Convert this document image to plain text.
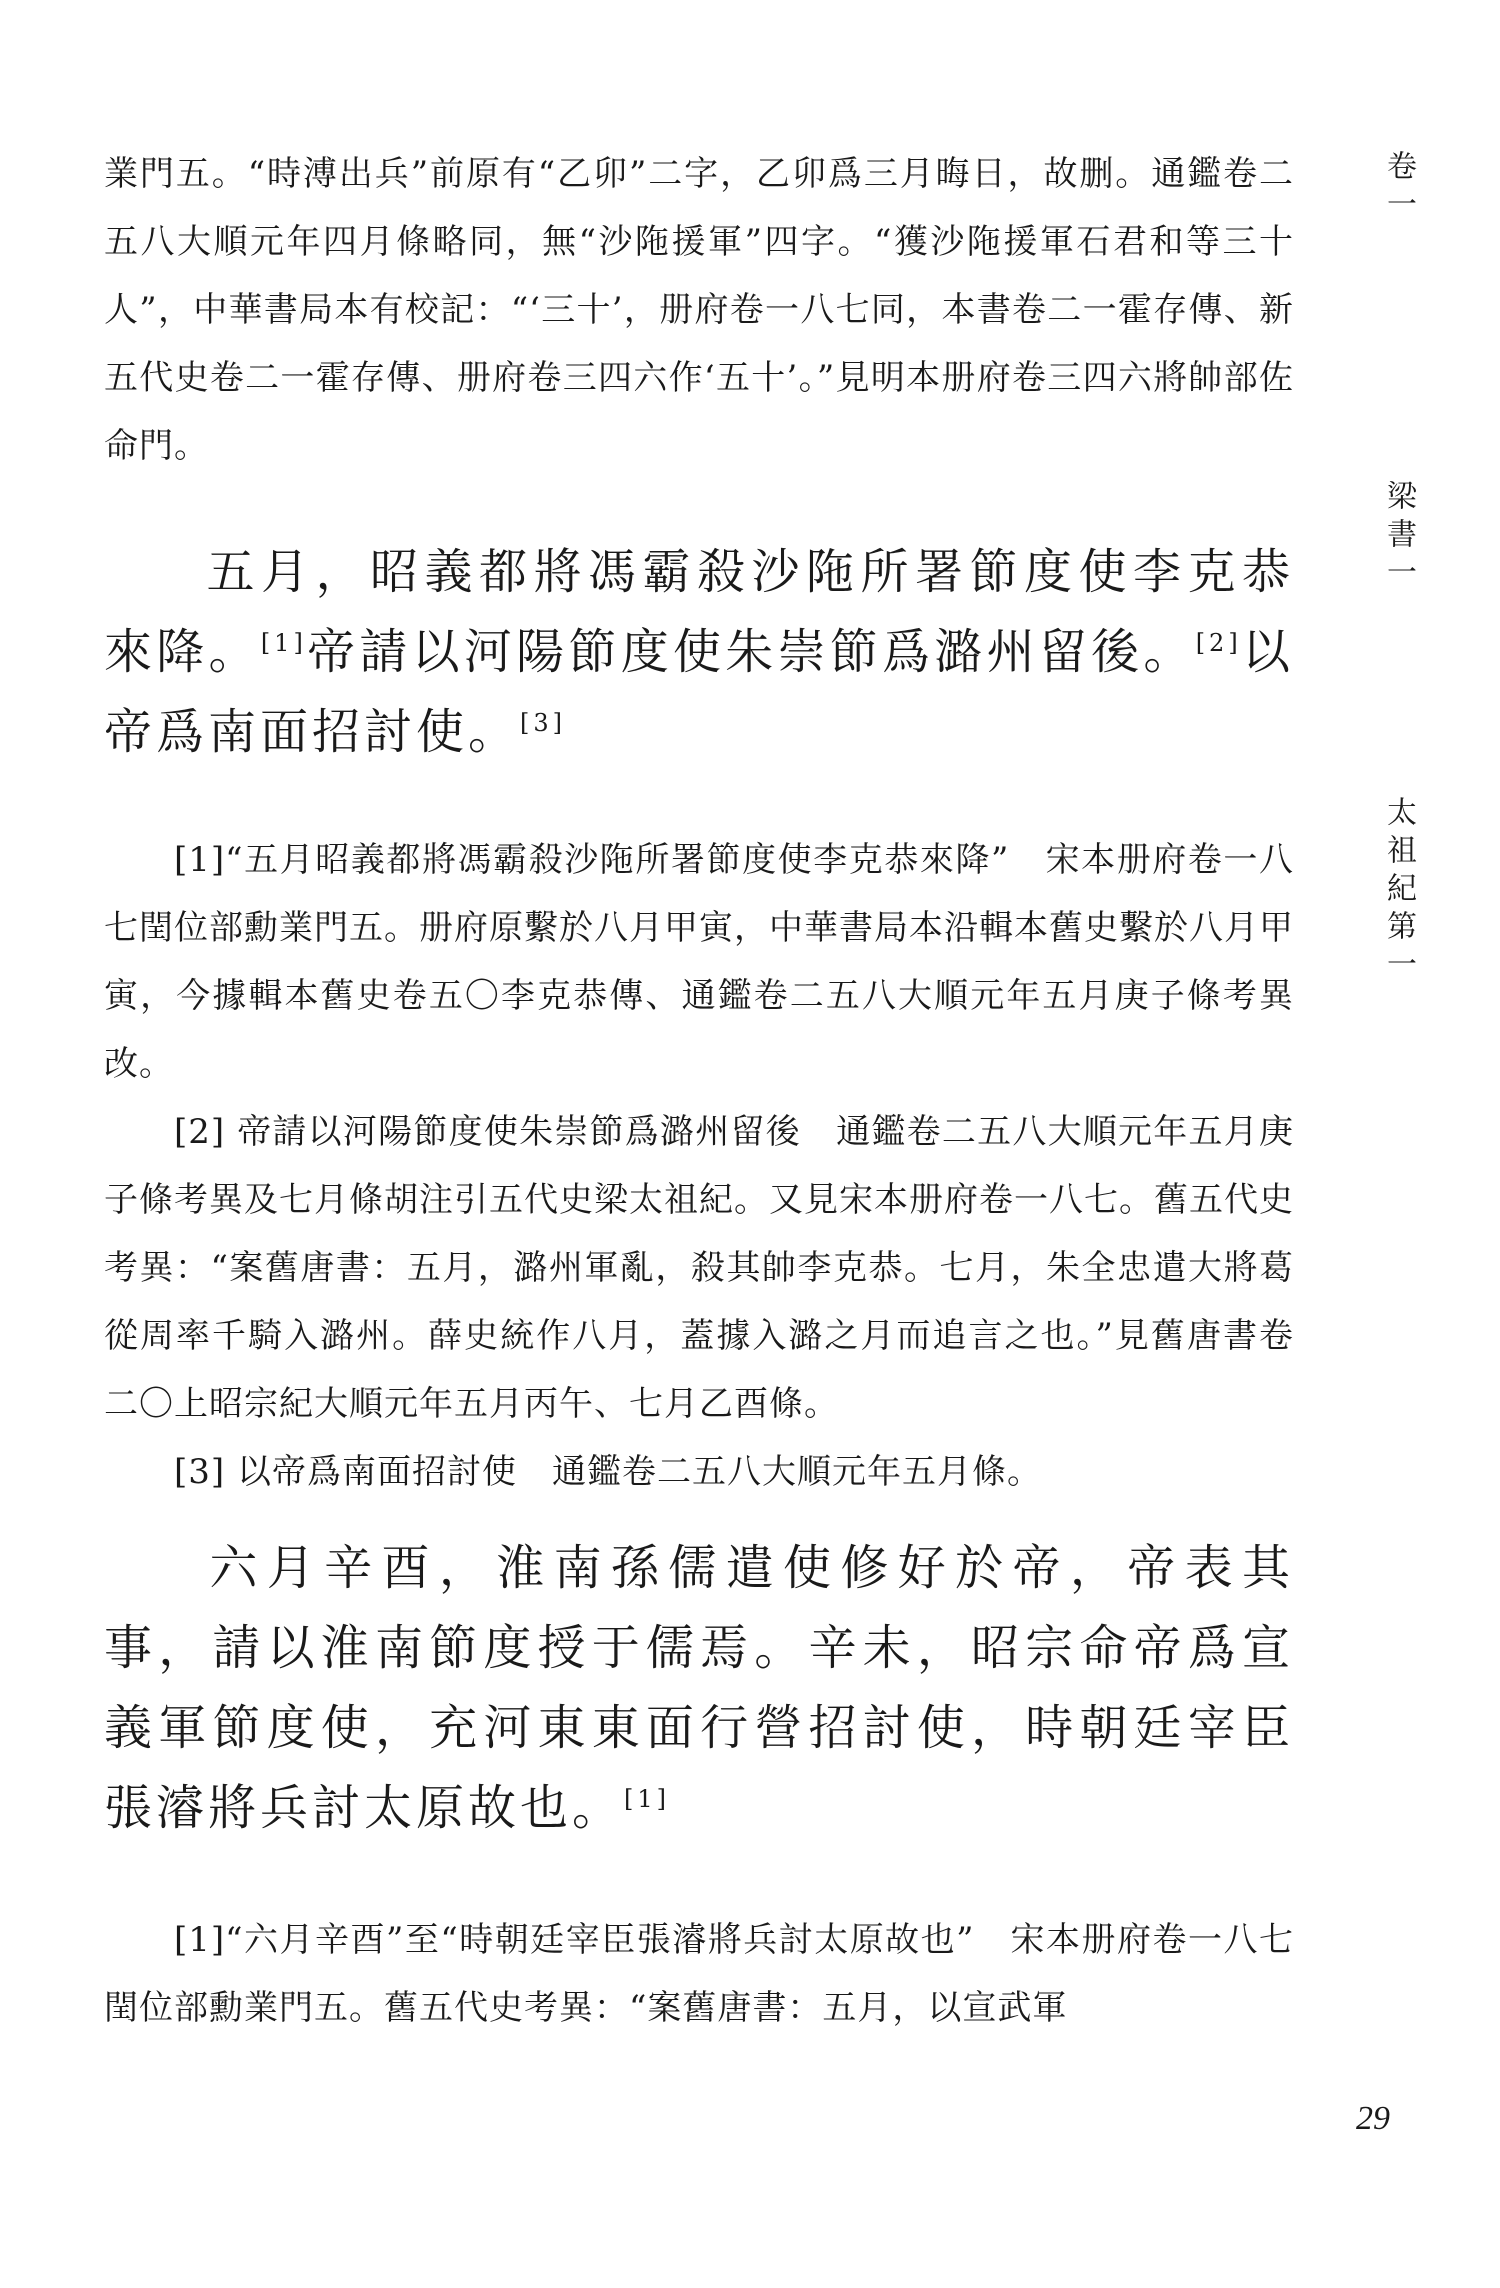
業門五。“時溥出兵”前原有“乙卯”二字，乙卯爲三月晦日，故删。通鑑卷二五八大順元年四月條略同，無“沙陁援軍”四字。“獲沙陁援軍石君和等三十人”，中華書局本有校記：“‘三十’，册府卷一八七同，本書卷二一霍存傳、新五代史卷二一霍存傳、册府卷三四六作‘五十’。”見明本册府卷三四六將帥部佐命門。

五月，昭義都將馮霸殺沙陁所署節度使李克恭來降。[1]帝請以河陽節度使朱崇節爲潞州留後。[2]以帝爲南面招討使。[3]

[1]“五月昭義都將馮霸殺沙陁所署節度使李克恭來降”　宋本册府卷一八七閏位部勳業門五。册府原繫於八月甲寅，中華書局本沿輯本舊史繫於八月甲寅，今據輯本舊史卷五〇李克恭傳、通鑑卷二五八大順元年五月庚子條考異改。

[2] 帝請以河陽節度使朱崇節爲潞州留後　通鑑卷二五八大順元年五月庚子條考異及七月條胡注引五代史梁太祖紀。又見宋本册府卷一八七。舊五代史考異：“案舊唐書：五月，潞州軍亂，殺其帥李克恭。七月，朱全忠遣大將葛從周率千騎入潞州。薛史統作八月，蓋據入潞之月而追言之也。”見舊唐書卷二〇上昭宗紀大順元年五月丙午、七月乙酉條。

[3] 以帝爲南面招討使　通鑑卷二五八大順元年五月條。

六月辛酉，淮南孫儒遣使修好於帝，帝表其事，請以淮南節度授于儒焉。辛未，昭宗命帝爲宣義軍節度使，充河東東面行營招討使，時朝廷宰臣張濬將兵討太原故也。[1]

[1]“六月辛酉”至“時朝廷宰臣張濬將兵討太原故也”　宋本册府卷一八七閏位部勳業門五。舊五代史考異：“案舊唐書：五月，以宣武軍

卷一
梁書一
太祖紀第一
29
